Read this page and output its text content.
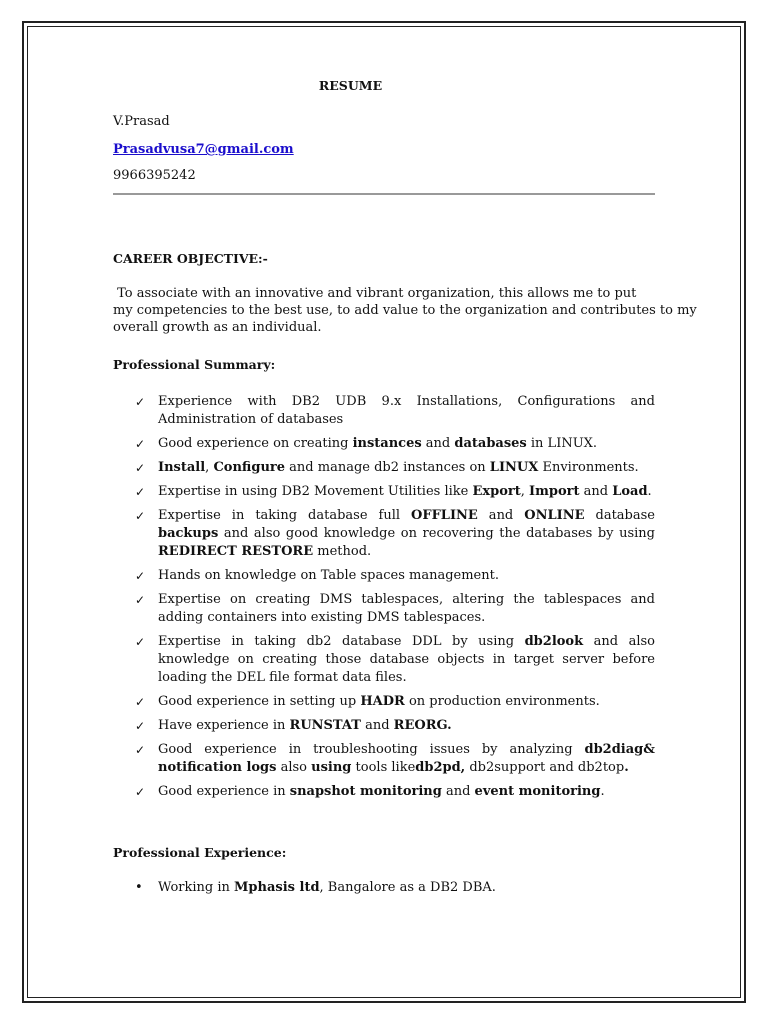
RESUME
V.Prasad
Prasadvusa7@gmail.com
9966395242
CAREER OBJECTIVE:-

To associate with an innovative and vibrant organization, this allows me to put

my competencies to the best use, to add value to the organization and contributes to my

overall growth as an individual.

Professional Summary:
✓ Experience with DB2 UDB 9.x Installations, Configurations and Administration of databases
✓ Good experience on creating instances and databases in LINUX.
✓ Install, Configure and manage db2 instances on LINUX Environments.
✓ Expertise in using DB2 Movement Utilities like Export, Import and Load.
✓ Expertise in taking database full OFFLINE and ONLINE database backups and also good knowledge on recovering the databases by using REDIRECT RESTORE method.
✓ Hands on knowledge on Table spaces management.
✓ Expertise on creating DMS tablespaces, altering the tablespaces and adding containers into existing DMS tablespaces.
✓ Expertise in taking db2 database DDL by using db2look and also knowledge on creating those database objects in target server before loading the DEL file format data files.
✓ Good experience in setting up HADR on production environments.
✓ Have experience in RUNSTAT and REORG.
✓ Good experience in troubleshooting issues by analyzing db2diag& notification logs also using tools likedb2pd, db2support and db2top.
✓ Good experience in snapshot monitoring and event monitoring.
Professional Experience:
• Working in Mphasis ltd, Bangalore as a DB2 DBA.
